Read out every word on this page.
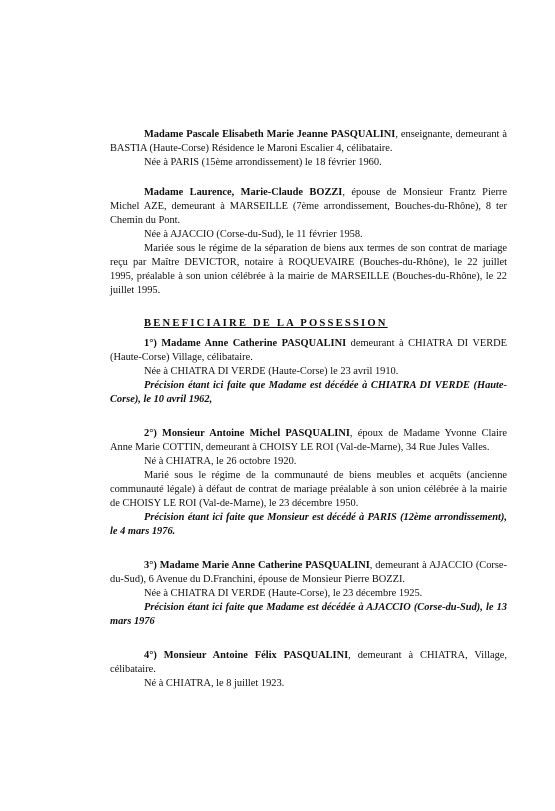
Madame Pascale Elisabeth Marie Jeanne PASQUALINI, enseignante, demeurant à BASTIA (Haute-Corse) Résidence le Maroni Escalier 4, célibataire.

Née à PARIS (15ème arrondissement) le 18 février 1960.

Madame Laurence, Marie-Claude BOZZI, épouse de Monsieur Frantz Pierre Michel AZE, demeurant à MARSEILLE (7ème arrondissement, Bouches-du-Rhône), 8 ter Chemin du Pont.

Née à AJACCIO (Corse-du-Sud), le 11 février 1958.

Mariée sous le régime de la séparation de biens aux termes de son contrat de mariage reçu par Maître DEVICTOR, notaire à ROQUEVAIRE (Bouches-du-Rhône), le 22 juillet 1995, préalable à son union célébrée à la mairie de MARSEILLE (Bouches-du-Rhône), le 22 juillet 1995.

BENEFICIAIRE DE LA POSSESSION

1°) Madame Anne Catherine PASQUALINI demeurant à CHIATRA DI VERDE (Haute-Corse) Village, célibataire.

Née à CHIATRA DI VERDE (Haute-Corse) le 23 avril 1910.

Précision étant ici faite que Madame est décédée à CHIATRA DI VERDE (Haute-Corse), le 10 avril 1962,

2°) Monsieur Antoine Michel PASQUALINI, époux de Madame Yvonne Claire Anne Marie COTTIN, demeurant à CHOISY LE ROI (Val-de-Marne), 34 Rue Jules Valles.

Né à CHIATRA, le 26 octobre 1920.

Marié sous le régime de la communauté de biens meubles et acquêts (ancienne communauté légale) à défaut de contrat de mariage préalable à son union célébrée à la mairie de CHOISY LE ROI (Val-de-Marne), le 23 décembre 1950.

Précision étant ici faite que Monsieur est décédé à PARIS (12ème arrondissement), le 4 mars 1976.

3°) Madame Marie Anne Catherine PASQUALINI, demeurant à AJACCIO (Corse-du-Sud), 6 Avenue du D.Franchini, épouse de Monsieur Pierre BOZZI.

Née à CHIATRA DI VERDE (Haute-Corse), le 23 décembre 1925.

Précision étant ici faite que Madame est décédée à AJACCIO (Corse-du-Sud), le 13 mars 1976

4°) Monsieur Antoine Félix PASQUALINI, demeurant à CHIATRA, Village, célibataire.

Né à CHIATRA, le 8 juillet 1923.
